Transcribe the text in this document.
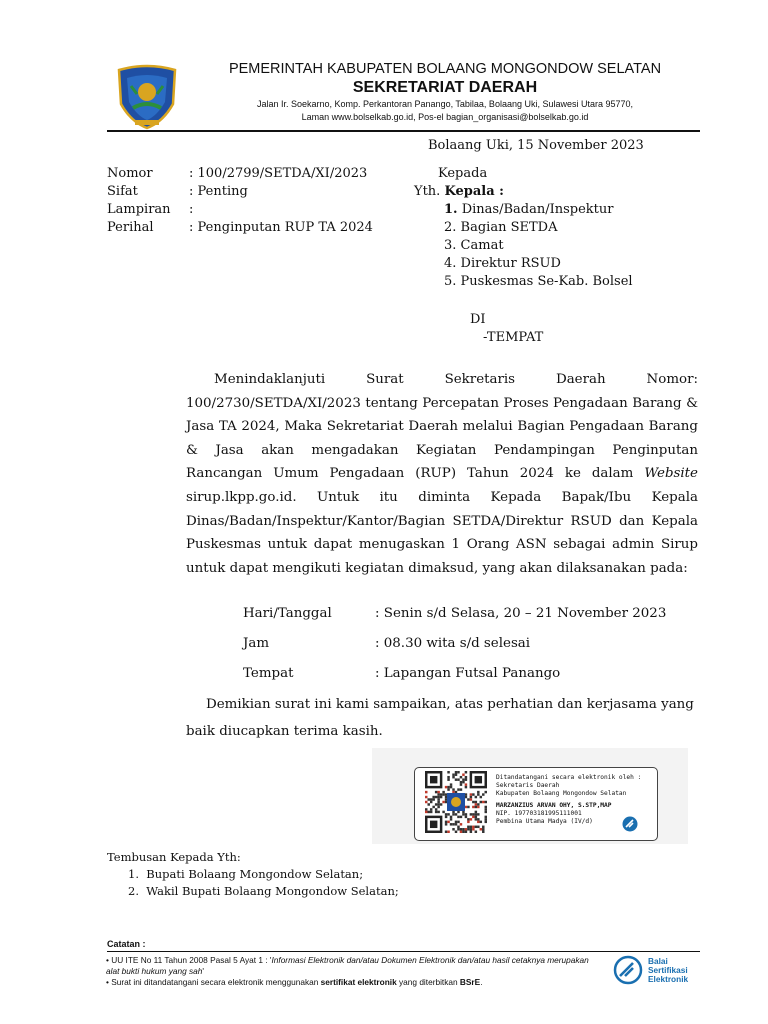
PEMERINTAH KABUPATEN BOLAANG MONGONDOW SELATAN
SEKRETARIAT DAERAH
Jalan Ir. Soekarno, Komp. Perkantoran Panango, Tabilaa, Bolaang Uki, Sulawesi Utara 95770,
Laman www.bolselkab.go.id, Pos-el bagian_organisasi@bolselkab.go.id
Bolaang Uki, 15 November 2023
Nomor	: 100/2799/SETDA/XI/2023
Sifat	: Penting
Lampiran :
Perihal	: Penginputan RUP TA 2024
Kepada
Yth. Kepala :
1. Dinas/Badan/Inspektur
2. Bagian SETDA
3. Camat
4. Direktur RSUD
5. Puskesmas Se-Kab. Bolsel
DI
-TEMPAT
Menindaklanjuti Surat Sekretaris Daerah Nomor: 100/2730/SETDA/XI/2023 tentang Percepatan Proses Pengadaan Barang & Jasa TA 2024, Maka Sekretariat Daerah melalui Bagian Pengadaan Barang & Jasa akan mengadakan Kegiatan Pendampingan Penginputan Rancangan Umum Pengadaan (RUP) Tahun 2024 ke dalam Website sirup.lkpp.go.id. Untuk itu diminta Kepada Bapak/Ibu Kepala Dinas/Badan/Inspektur/Kantor/Bagian SETDA/Direktur RSUD dan Kepala Puskesmas untuk dapat menugaskan 1 Orang ASN sebagai admin Sirup untuk dapat mengikuti kegiatan dimaksud, yang akan dilaksanakan pada:
Hari/Tanggal	: Senin s/d Selasa, 20 – 21 November 2023
Jam	: 08.30 wita s/d selesai
Tempat	: Lapangan Futsal Panango
Demikian surat ini kami sampaikan, atas perhatian dan kerjasama yang baik diucapkan terima kasih.
Ditandatangani secara elektronik oleh :
Sekretaris Daerah
Kabupaten Bolaang Mongondow Selatan
MARZANZIUS ARVAN OHY, S.STP,MAP
NIP. 197703181995111001
Pembina Utama Madya (IV/d)
Tembusan Kepada Yth:
1. Bupati Bolaang Mongondow Selatan;
2. Wakil Bupati Bolaang Mongondow Selatan;
Catatan :
• UU ITE No 11 Tahun 2008 Pasal 5 Ayat 1 : 'Informasi Elektronik dan/atau Dokumen Elektronik dan/atau hasil cetaknya merupakan alat bukti hukum yang sah'
• Surat ini ditandatangani secara elektronik menggunakan sertifikat elektronik yang diterbitkan BSrE.
Balai
Sertifikasi
Elektronik
